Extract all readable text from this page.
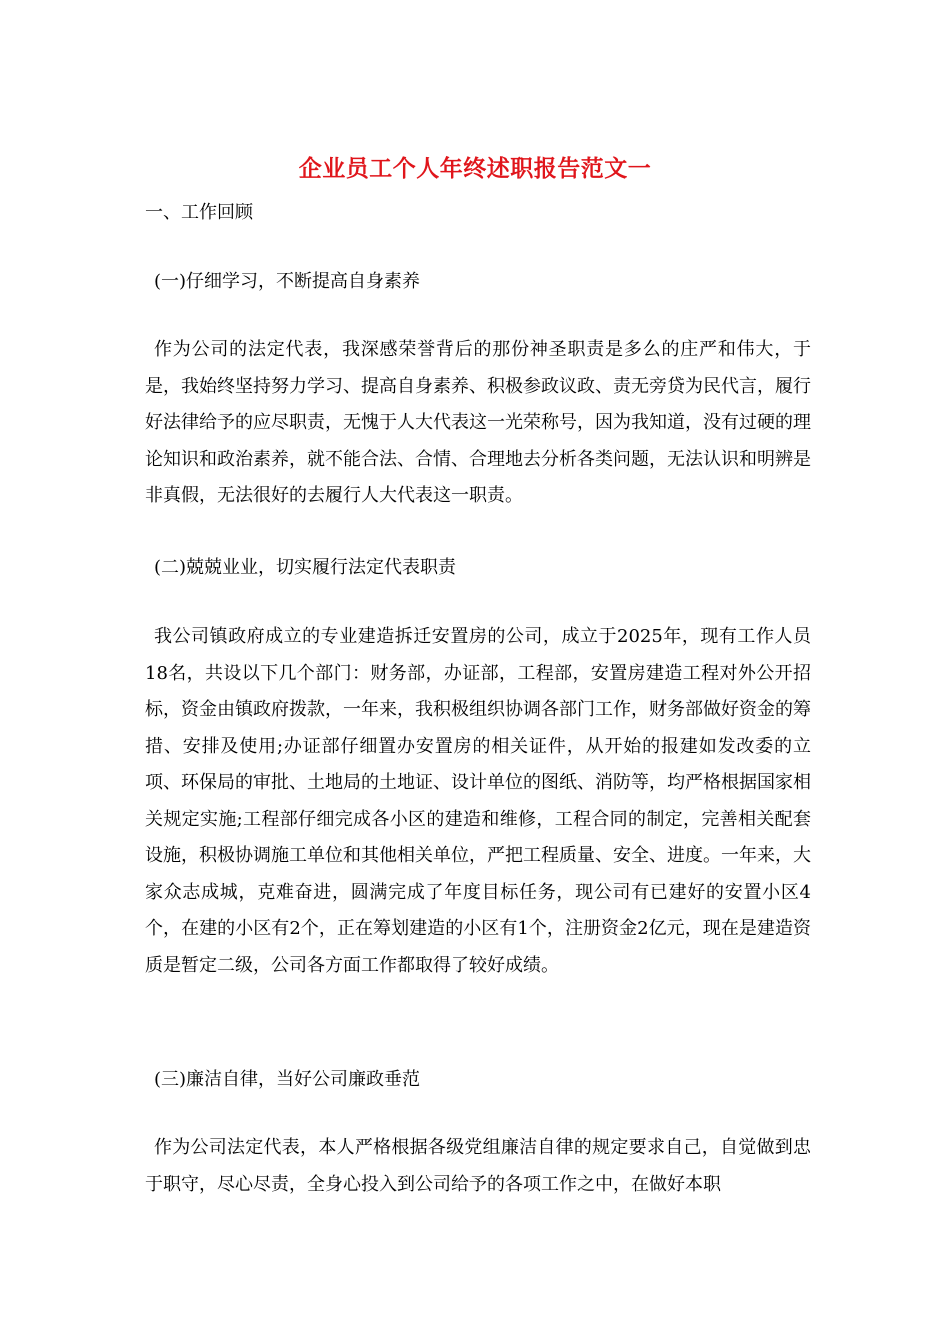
企业员工个人年终述职报告范文一

一、工作回顾

(一)仔细学习，不断提高自身素养

作为公司的法定代表，我深感荣誉背后的那份神圣职责是多么的庄严和伟大，于是，我始终坚持努力学习、提高自身素养、积极参政议政、责无旁贷为民代言，履行好法律给予的应尽职责，无愧于人大代表这一光荣称号，因为我知道，没有过硬的理论知识和政治素养，就不能合法、合情、合理地去分析各类问题，无法认识和明辨是非真假，无法很好的去履行人大代表这一职责。

(二)兢兢业业，切实履行法定代表职责

我公司镇政府成立的专业建造拆迁安置房的公司，成立于2025年，现有工作人员18名，共设以下几个部门：财务部，办证部，工程部，安置房建造工程对外公开招标，资金由镇政府拨款，一年来，我积极组织协调各部门工作，财务部做好资金的筹措、安排及使用;办证部仔细置办安置房的相关证件，从开始的报建如发改委的立项、环保局的审批、土地局的土地证、设计单位的图纸、消防等，均严格根据国家相关规定实施;工程部仔细完成各小区的建造和维修，工程合同的制定，完善相关配套设施，积极协调施工单位和其他相关单位，严把工程质量、安全、进度。一年来，大家众志成城，克难奋进，圆满完成了年度目标任务，现公司有已建好的安置小区4个，在建的小区有2个，正在筹划建造的小区有1个，注册资金2亿元，现在是建造资质是暂定二级，公司各方面工作都取得了较好成绩。

(三)廉洁自律，当好公司廉政垂范

作为公司法定代表，本人严格根据各级党组廉洁自律的规定要求自己，自觉做到忠于职守，尽心尽责，全身心投入到公司给予的各项工作之中，在做好本职
